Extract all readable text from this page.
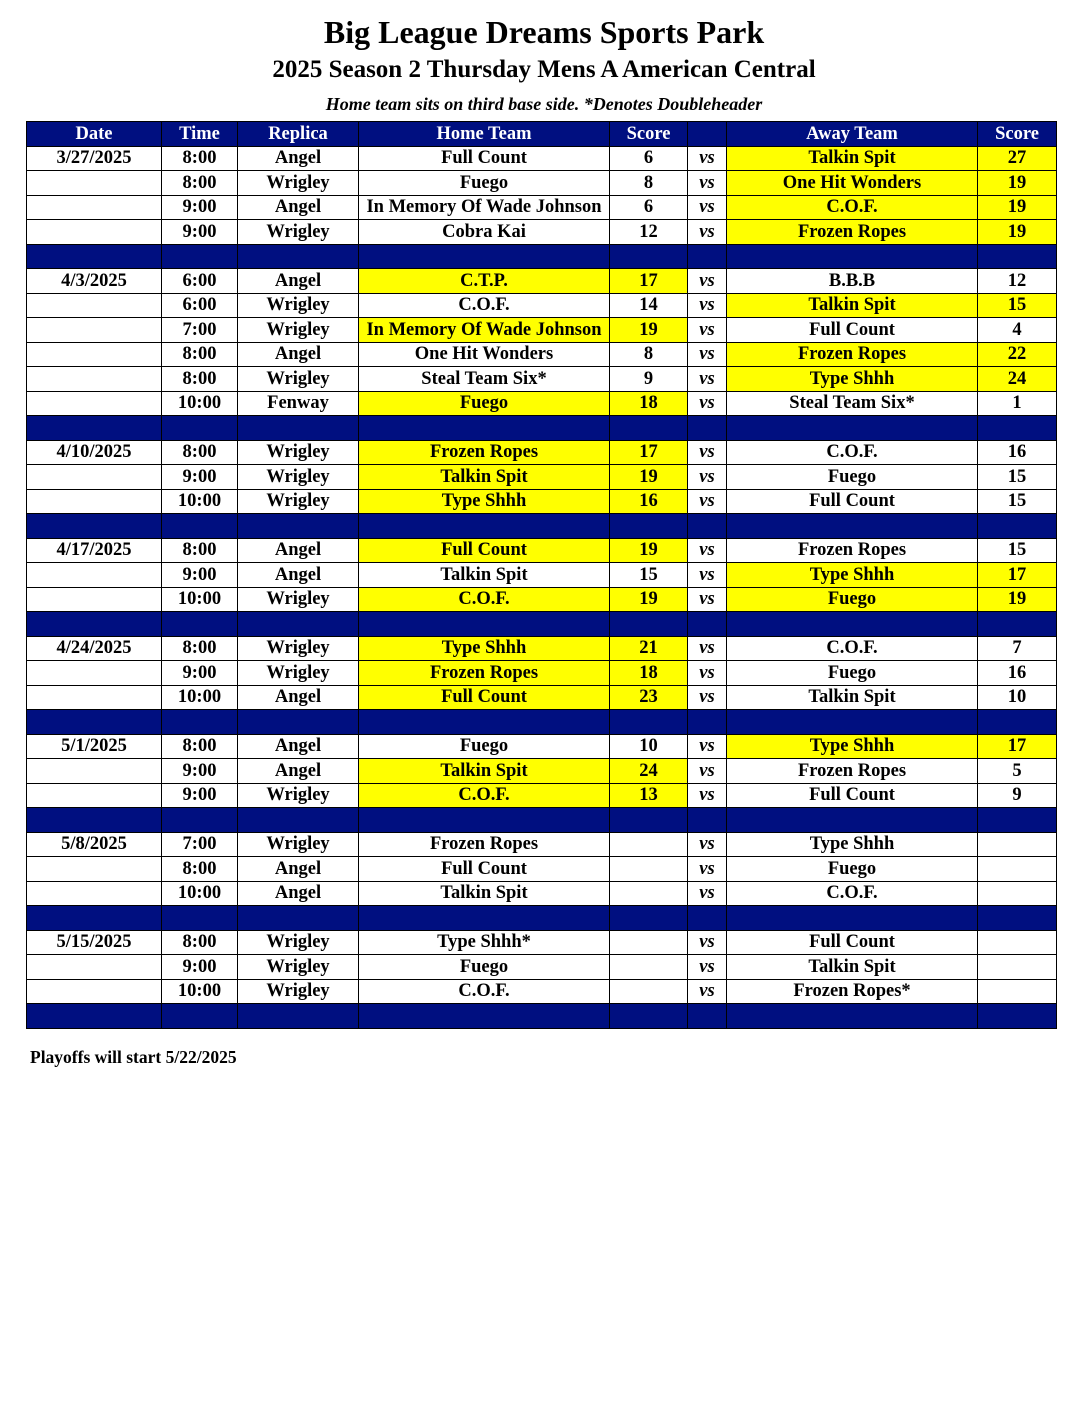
Big League Dreams Sports Park
2025 Season 2 Thursday Mens A American Central
Home team sits on third base side. *Denotes Doubleheader
Date	Time	Replica	Home Team	Score		Away Team	Score
3/27/2025	8:00	Angel	Full Count	6	vs	Talkin Spit	27
	8:00	Wrigley	Fuego	8	vs	One Hit Wonders	19
	9:00	Angel	In Memory Of Wade Johnson	6	vs	C.O.F.	19
	9:00	Wrigley	Cobra Kai	12	vs	Frozen Ropes	19

4/3/2025	6:00	Angel	C.T.P.	17	vs	B.B.B	12
	6:00	Wrigley	C.O.F.	14	vs	Talkin Spit	15
	7:00	Wrigley	In Memory Of Wade Johnson	19	vs	Full Count	4
	8:00	Angel	One Hit Wonders	8	vs	Frozen Ropes	22
	8:00	Wrigley	Steal Team Six*	9	vs	Type Shhh	24
	10:00	Fenway	Fuego	18	vs	Steal Team Six*	1

4/10/2025	8:00	Wrigley	Frozen Ropes	17	vs	C.O.F.	16
	9:00	Wrigley	Talkin Spit	19	vs	Fuego	15
	10:00	Wrigley	Type Shhh	16	vs	Full Count	15

4/17/2025	8:00	Angel	Full Count	19	vs	Frozen Ropes	15
	9:00	Angel	Talkin Spit	15	vs	Type Shhh	17
	10:00	Wrigley	C.O.F.	19	vs	Fuego	19

4/24/2025	8:00	Wrigley	Type Shhh	21	vs	C.O.F.	7
	9:00	Wrigley	Frozen Ropes	18	vs	Fuego	16
	10:00	Angel	Full Count	23	vs	Talkin Spit	10

5/1/2025	8:00	Angel	Fuego	10	vs	Type Shhh	17
	9:00	Angel	Talkin Spit	24	vs	Frozen Ropes	5
	9:00	Wrigley	C.O.F.	13	vs	Full Count	9

5/8/2025	7:00	Wrigley	Frozen Ropes		vs	Type Shhh	
	8:00	Angel	Full Count		vs	Fuego	
	10:00	Angel	Talkin Spit		vs	C.O.F.	

5/15/2025	8:00	Wrigley	Type Shhh*		vs	Full Count	
	9:00	Wrigley	Fuego		vs	Talkin Spit	
	10:00	Wrigley	C.O.F.		vs	Frozen Ropes*	

Playoffs will start 5/22/2025
